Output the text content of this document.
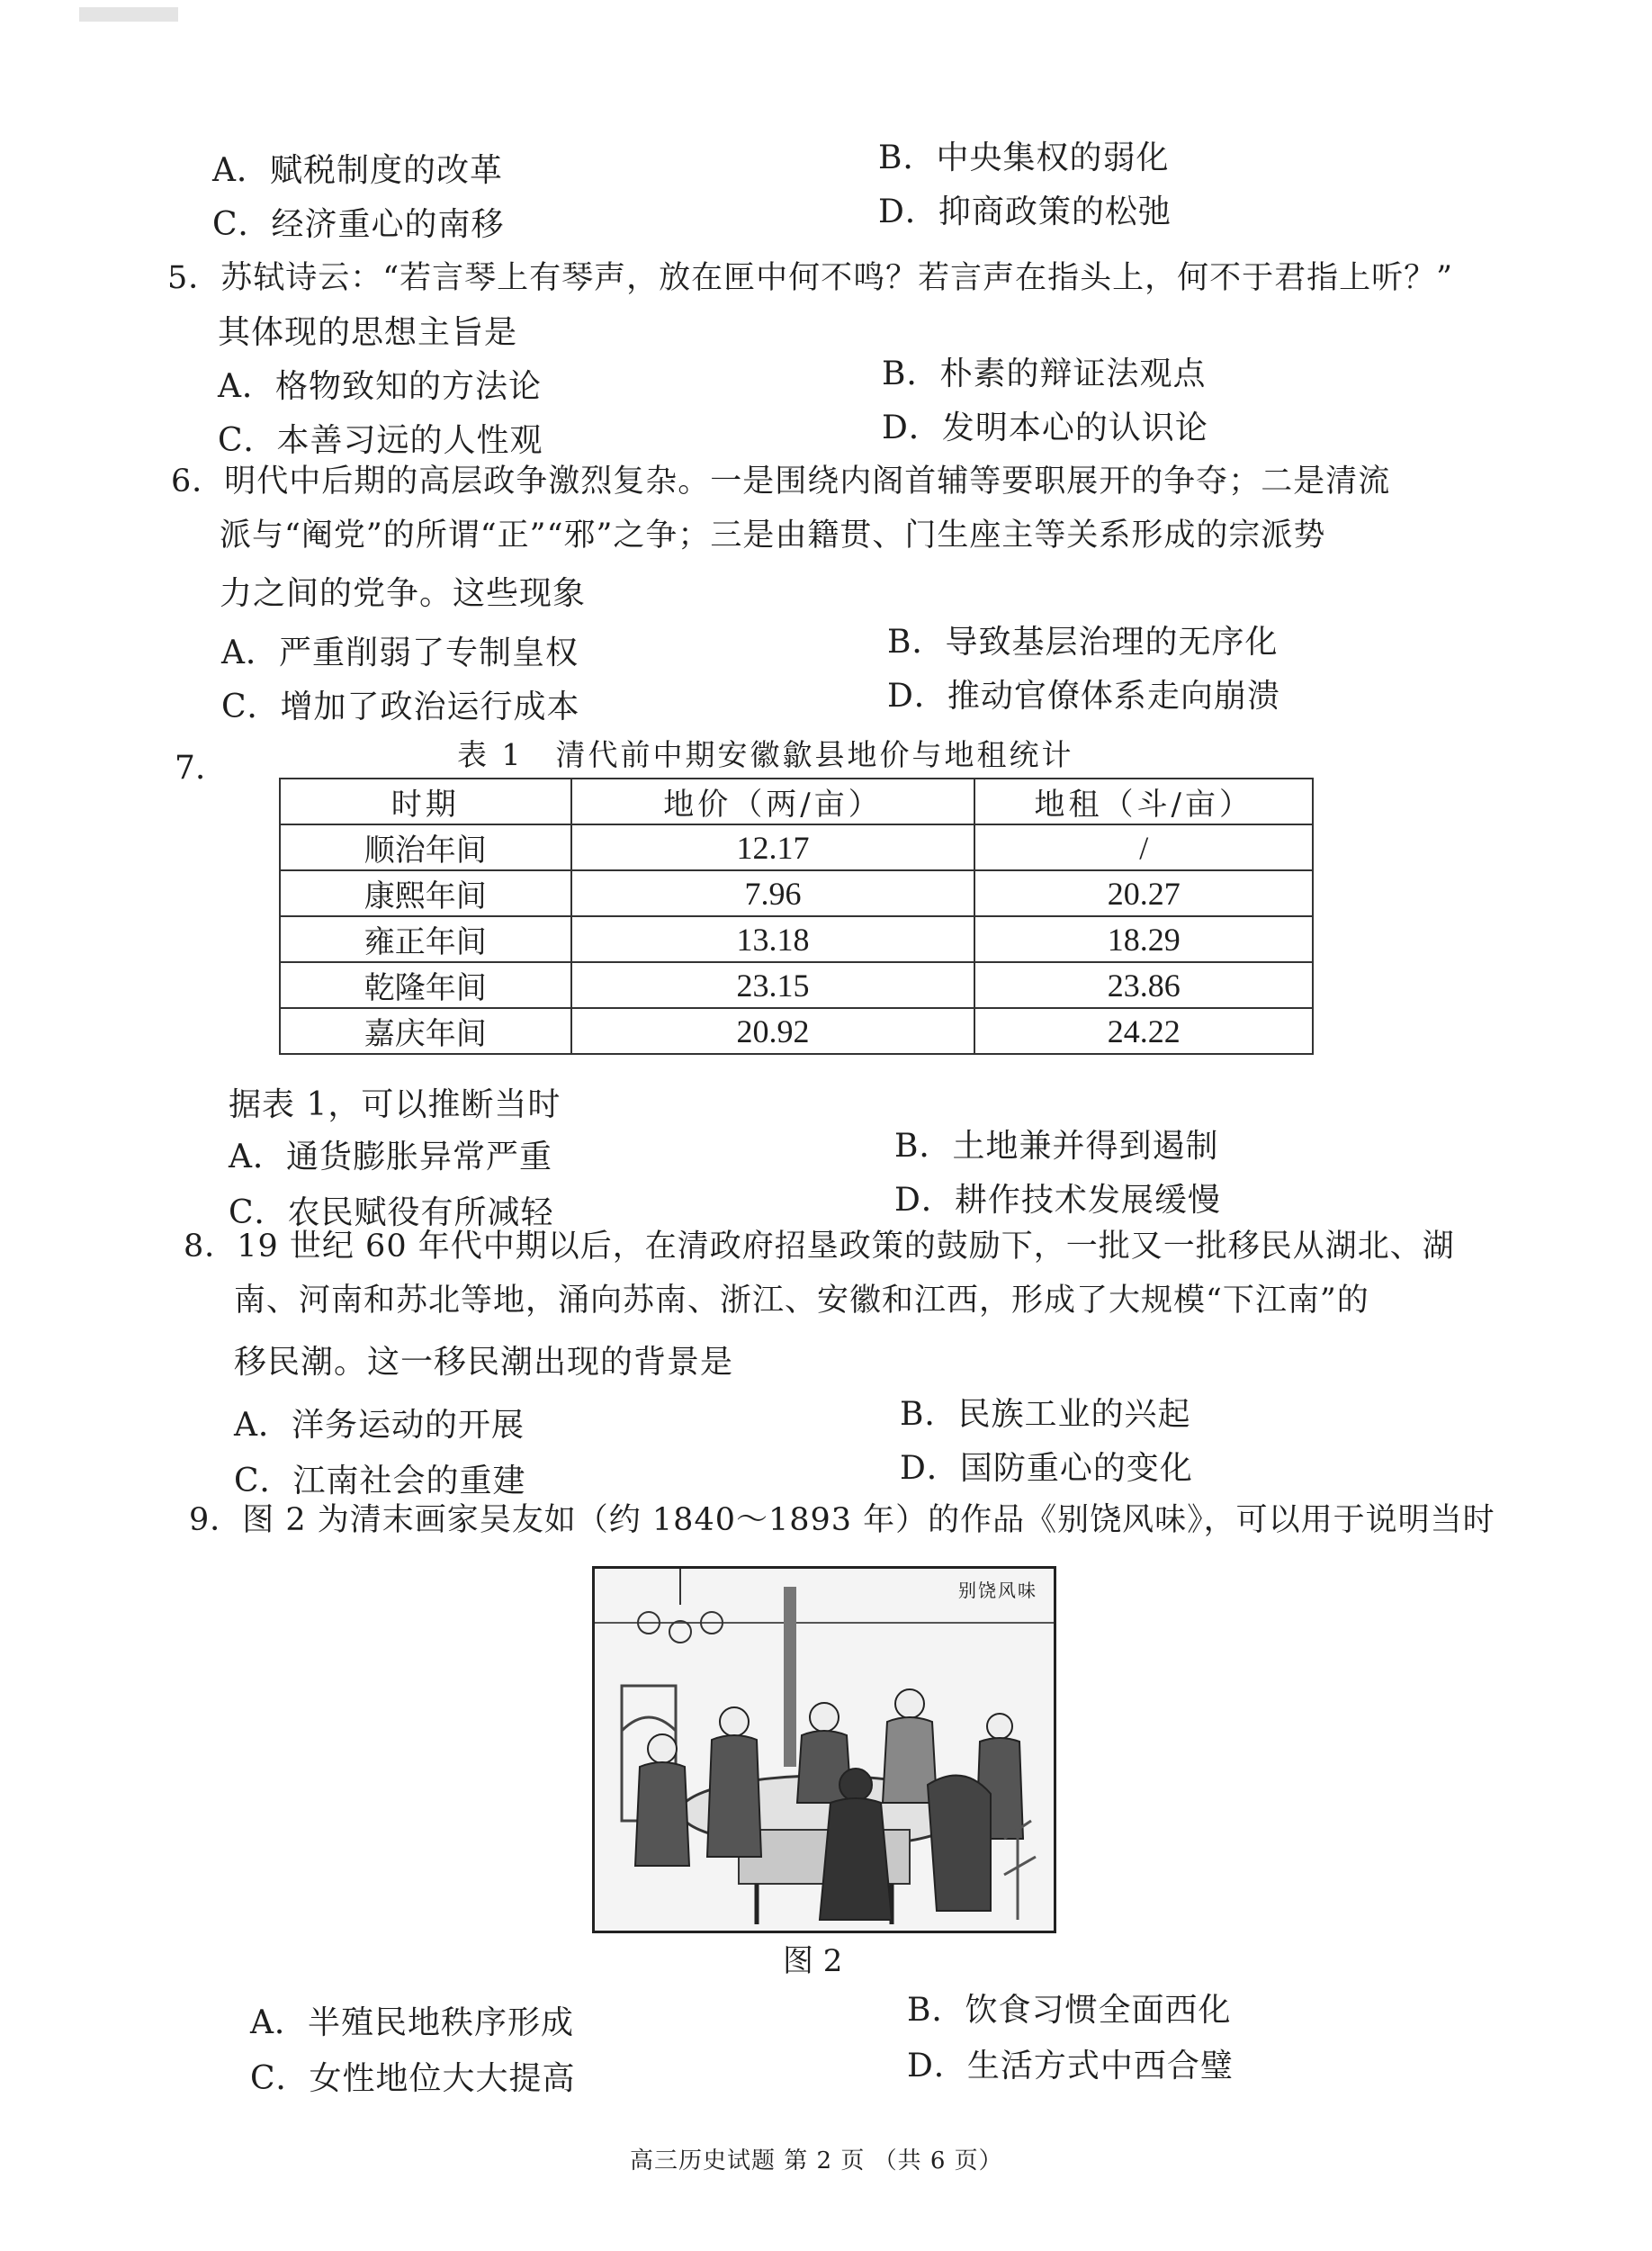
A．赋税制度的改革	B．中央集权的弱化
C．经济重心的南移	D．抑商政策的松弛
5．苏轼诗云：“若言琴上有琴声，放在匣中何不鸣？若言声在指头上，何不于君指上听？”
其体现的思想主旨是
A．格物致知的方法论	B．朴素的辩证法观点
C．本善习远的人性观	D．发明本心的认识论
6．明代中后期的高层政争激烈复杂。一是围绕内阁首辅等要职展开的争夺；二是清流
派与“阉党”的所谓“正”“邪”之争；三是由籍贯、门生座主等关系形成的宗派势
力之间的党争。这些现象
A．严重削弱了专制皇权	B．导致基层治理的无序化
C．增加了政治运行成本	D．推动官僚体系走向崩溃
7.	表 1　清代前中期安徽歙县地价与地租统计
时期	地价（两/亩）	地租（斗/亩）
顺治年间	12.17	/
康熙年间	7.96	20.27
雍正年间	13.18	18.29
乾隆年间	23.15	23.86
嘉庆年间	20.92	24.22
据表 1，可以推断当时
A．通货膨胀异常严重	B．土地兼并得到遏制
C．农民赋役有所减轻	D．耕作技术发展缓慢
8．19 世纪 60 年代中期以后，在清政府招垦政策的鼓励下，一批又一批移民从湖北、湖
南、河南和苏北等地，涌向苏南、浙江、安徽和江西，形成了大规模“下江南”的
移民潮。这一移民潮出现的背景是
A．洋务运动的开展	B．民族工业的兴起
C．江南社会的重建	D．国防重心的变化
9．图 2 为清末画家吴友如（约 1840～1893 年）的作品《别饶风味》，可以用于说明当时
别饶风味
图 2
A．半殖民地秩序形成	B．饮食习惯全面西化
C．女性地位大大提高	D．生活方式中西合璧
高三历史试题 第 2 页 （共 6 页）
